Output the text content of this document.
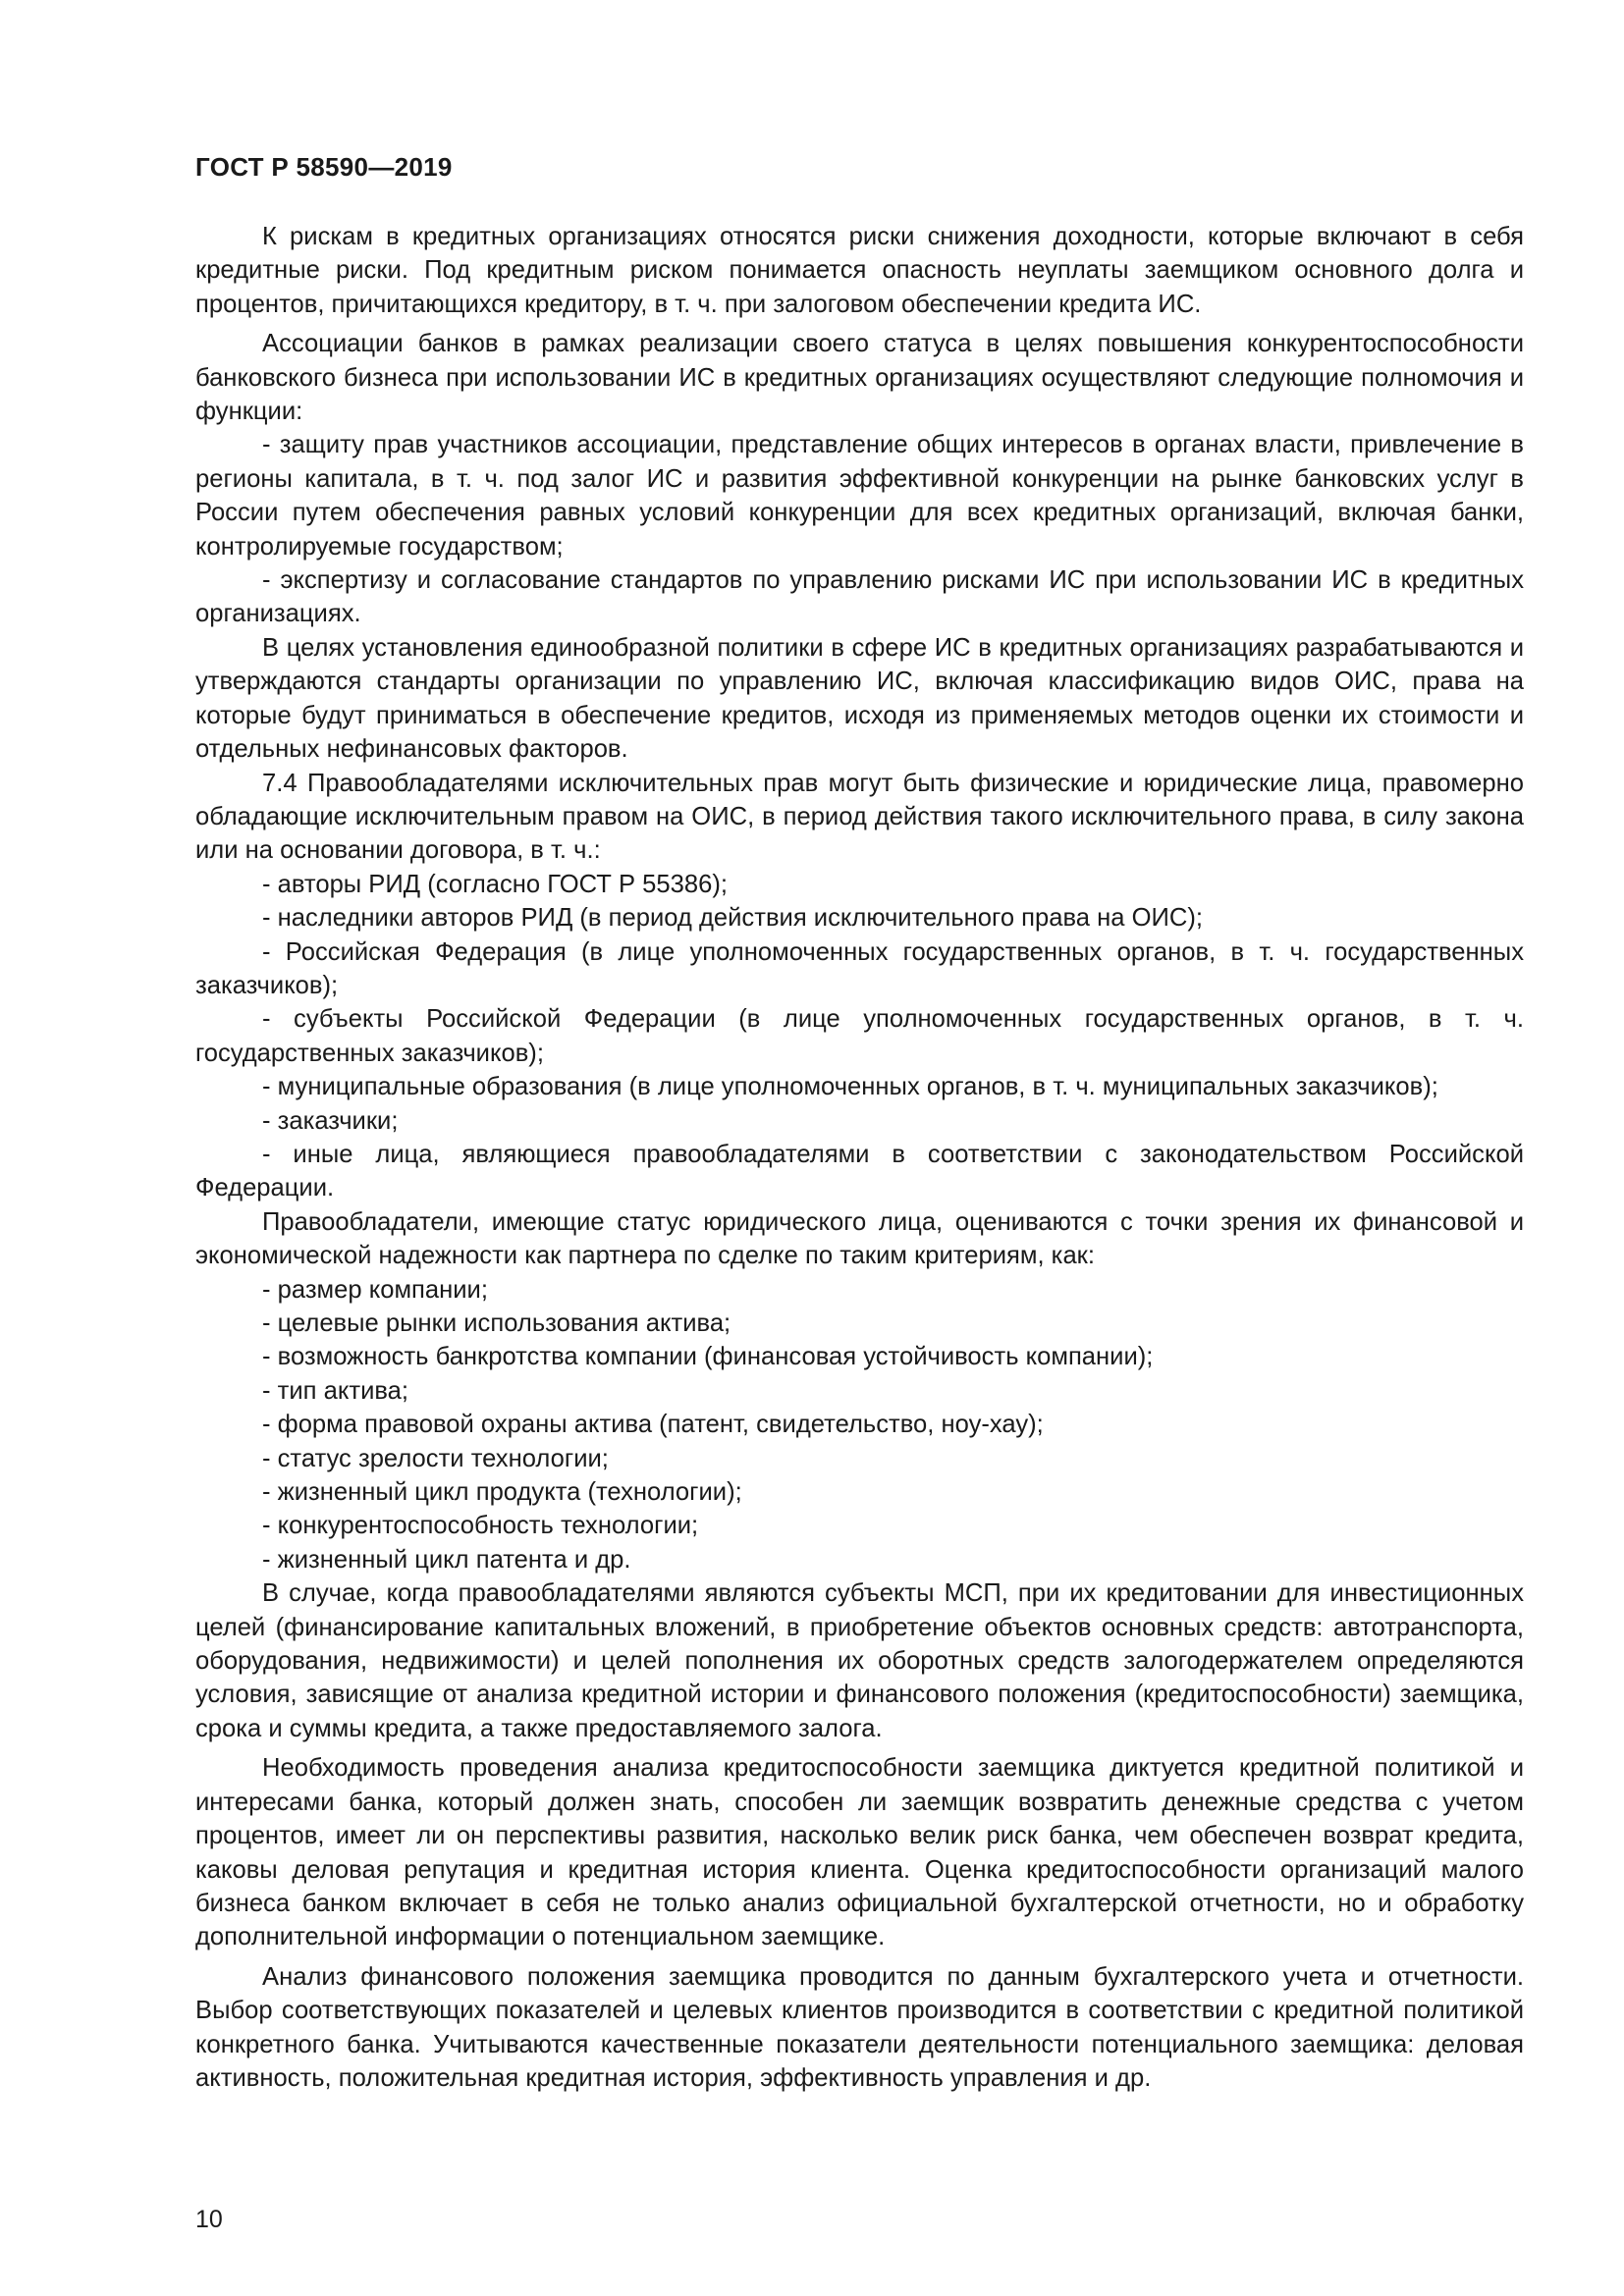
ГОСТ Р 58590—2019

К рискам в кредитных организациях относятся риски снижения доходности, которые включают в себя кредитные риски. Под кредитным риском понимается опасность неуплаты заемщиком основного долга и процентов, причитающихся кредитору, в т. ч. при залоговом обеспечении кредита ИС.

Ассоциации банков в рамках реализации своего статуса в целях повышения конкурентоспособности банковского бизнеса при использовании ИС в кредитных организациях осуществляют следующие полномочия и функции:

- защиту прав участников ассоциации, представление общих интересов в органах власти, привлечение в регионы капитала, в т. ч. под залог ИС и развития эффективной конкуренции на рынке банковских услуг в России путем обеспечения равных условий конкуренции для всех кредитных организаций, включая банки, контролируемые государством;

- экспертизу и согласование стандартов по управлению рисками ИС при использовании ИС в кредитных организациях.

В целях установления единообразной политики в сфере ИС в кредитных организациях разрабатываются и утверждаются стандарты организации по управлению ИС, включая классификацию видов ОИС, права на которые будут приниматься в обеспечение кредитов, исходя из применяемых методов оценки их стоимости и отдельных нефинансовых факторов.

7.4 Правообладателями исключительных прав могут быть физические и юридические лица, правомерно обладающие исключительным правом на ОИС, в период действия такого исключительного права, в силу закона или на основании договора, в т. ч.:

- авторы РИД (согласно ГОСТ Р 55386);

- наследники авторов РИД (в период действия исключительного права на ОИС);

- Российская Федерация (в лице уполномоченных государственных органов, в т. ч. государственных заказчиков);

- субъекты Российской Федерации (в лице уполномоченных государственных органов, в т. ч. государственных заказчиков);

- муниципальные образования (в лице уполномоченных органов, в т. ч. муниципальных заказчиков);

- заказчики;

- иные лица, являющиеся правообладателями в соответствии с законодательством Российской Федерации.

Правообладатели, имеющие статус юридического лица, оцениваются с точки зрения их финансовой и экономической надежности как партнера по сделке по таким критериям, как:

- размер компании;

- целевые рынки использования актива;

- возможность банкротства компании (финансовая устойчивость компании);

- тип актива;

- форма правовой охраны актива (патент, свидетельство, ноу-хау);

- статус зрелости технологии;

- жизненный цикл продукта (технологии);

- конкурентоспособность технологии;

- жизненный цикл патента и др.

В случае, когда правообладателями являются субъекты МСП, при их кредитовании для инвестиционных целей (финансирование капитальных вложений, в приобретение объектов основных средств: автотранспорта, оборудования, недвижимости) и целей пополнения их оборотных средств залогодержателем определяются условия, зависящие от анализа кредитной истории и финансового положения (кредитоспособности) заемщика, срока и суммы кредита, а также предоставляемого залога.

Необходимость проведения анализа кредитоспособности заемщика диктуется кредитной политикой и интересами банка, который должен знать, способен ли заемщик возвратить денежные средства с учетом процентов, имеет ли он перспективы развития, насколько велик риск банка, чем обеспечен возврат кредита, каковы деловая репутация и кредитная история клиента. Оценка кредитоспособности организаций малого бизнеса банком включает в себя не только анализ официальной бухгалтерской отчетности, но и обработку дополнительной информации о потенциальном заемщике.

Анализ финансового положения заемщика проводится по данным бухгалтерского учета и отчетности. Выбор соответствующих показателей и целевых клиентов производится в соответствии с кредитной политикой конкретного банка. Учитываются качественные показатели деятельности потенциального заемщика: деловая активность, положительная кредитная история, эффективность управления и др.

10
